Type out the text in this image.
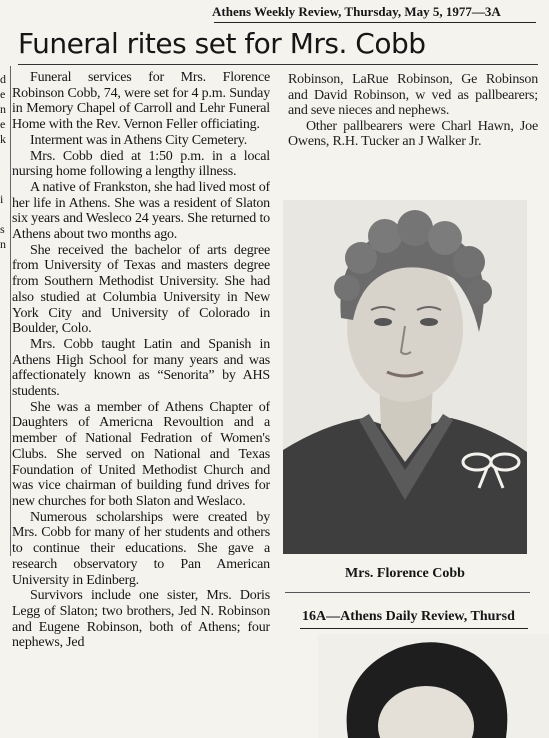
Athens Weekly Review, Thursday, May 5, 1977—3A
Funeral rites set for Mrs. Cobb
d
e
n
e
k
i
s
n

Funeral services for Mrs. Florence Robinson Cobb, 74, were set for 4 p.m. Sunday in Memory Chapel of Carroll and Lehr Funeral Home with the Rev. Vernon Feller officiating.

Interment was in Athens City Cemetery.

Mrs. Cobb died at 1:50 p.m. in a local nursing home following a lengthy illness.

A native of Frankston, she had lived most of her life in Athens. She was a resident of Slaton six years and Wesleco 24 years. She returned to Athens about two months ago.

She received the bachelor of arts degree from University of Texas and masters degree from Southern Methodist University. She had also studied at Columbia University in New York City and University of Colorado in Boulder, Colo.

Mrs. Cobb taught Latin and Spanish in Athens High School for many years and was affectionately known as “Senorita” by AHS students.

She was a member of Athens Chapter of Daughters of Americna Revoultion and a member of National Fedration of Women's Clubs. She served on National and Texas Foundation of United Methodist Church and was vice chairman of building fund drives for new churches for both Slaton and Weslaco.

Numerous scholarships were created by Mrs. Cobb for many of her students and others to continue their educations. She gave a research observatory to Pan American University in Edinberg.

Survivors include one sister, Mrs. Doris Legg of Slaton; two brothers, Jed N. Robinson and Eugene Robinson, both of Athens; four nephews, Jed

Robinson, LaRue Robinson, Ge Robinson and David Robinson, w ved as pallbearers; and seve nieces and nephews.

Other pallbearers were Charl Hawn, Joe Owens, R.H. Tucker an J Walker Jr.

Mrs. Florence Cobb
16A—Athens Daily Review, Thursd
